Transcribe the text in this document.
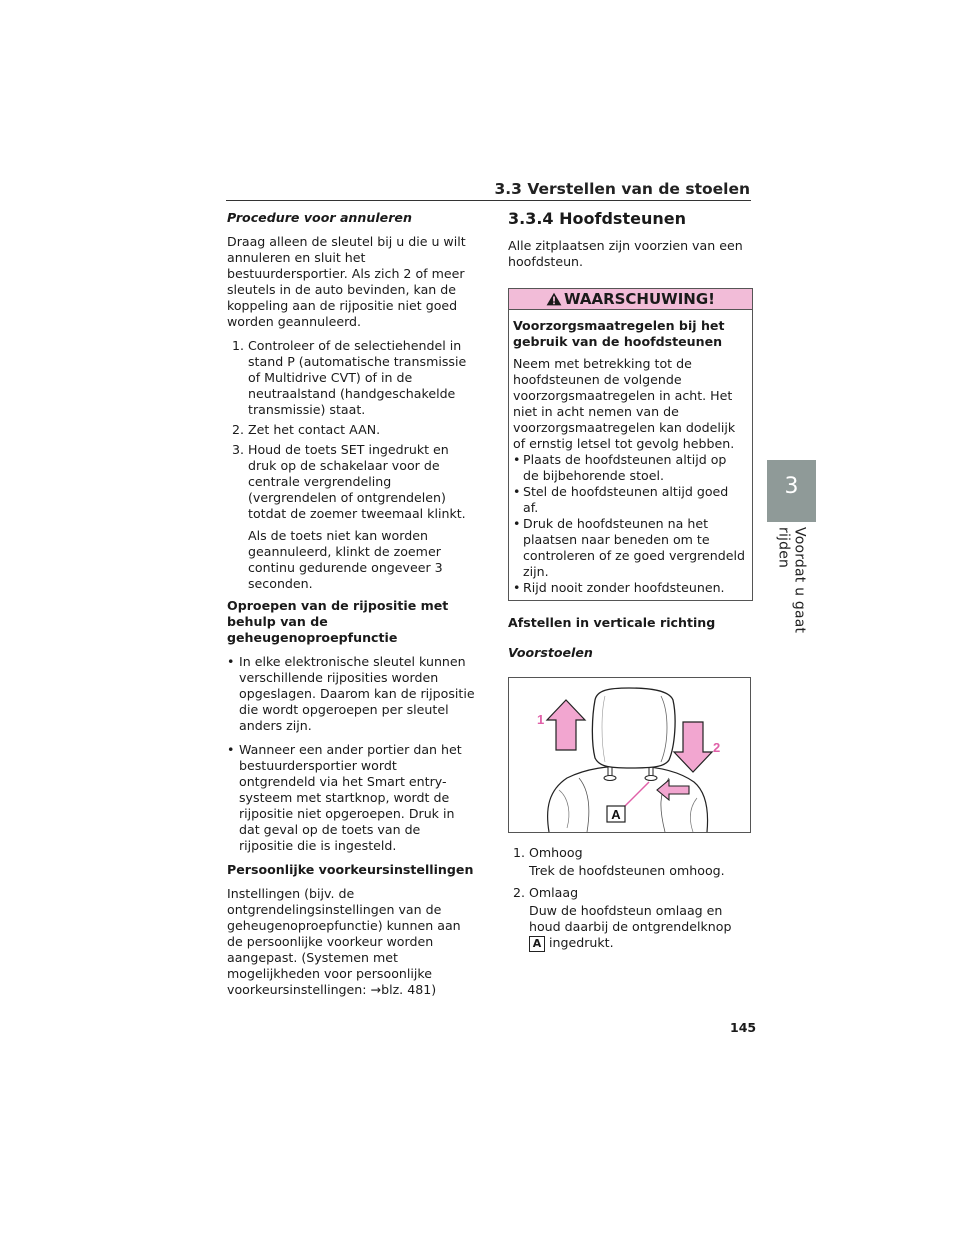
3.3 Verstellen van de stoelen
3
Voordat u gaat rijden

Procedure voor annuleren

Draag alleen de sleutel bij u die u wilt annuleren en sluit het bestuurdersportier. Als zich 2 of meer sleutels in de auto bevinden, kan de koppeling aan de rijpositie niet goed worden geannuleerd.

1. Controleer of de selectiehendel in stand P (automatische transmissie of Multidrive CVT) of in de neutraalstand (handgeschakelde transmissie) staat.
2. Zet het contact AAN.
3. Houd de toets SET ingedrukt en druk op de schakelaar voor de centrale vergrendeling (vergrendelen of ontgrendelen) totdat de zoemer tweemaal klinkt.

Als de toets niet kan worden geannuleerd, klinkt de zoemer continu gedurende ongeveer 3 seconden.

Oproepen van de rijpositie met behulp van de geheugenoproepfunctie

• In elke elektronische sleutel kunnen verschillende rijposities worden opgeslagen. Daarom kan de rijpositie die wordt opgeroepen per sleutel anders zijn.
• Wanneer een ander portier dan het bestuurdersportier wordt ontgrendeld via het Smart entry-systeem met startknop, wordt de rijpositie niet opgeroepen. Druk in dat geval op de toets van de rijpositie die is ingesteld.

Persoonlijke voorkeursinstellingen

Instellingen (bijv. de ontgrendelingsinstellingen van de geheugenoproepfunctie) kunnen aan de persoonlijke voorkeur worden aangepast. (Systemen met mogelijkheden voor persoonlijke voorkeursinstellingen: →blz. 481)

3.3.4 Hoofdsteunen

Alle zitplaatsen zijn voorzien van een hoofdsteun.

WAARSCHUWING!

Voorzorgsmaatregelen bij het gebruik van de hoofdsteunen

Neem met betrekking tot de hoofdsteunen de volgende voorzorgsmaatregelen in acht. Het niet in acht nemen van de voorzorgsmaatregelen kan dodelijk of ernstig letsel tot gevolg hebben.

• Plaats de hoofdsteunen altijd op de bijbehorende stoel.
• Stel de hoofdsteunen altijd goed af.
• Druk de hoofdsteunen na het plaatsen naar beneden om te controleren of ze goed vergrendeld zijn.
• Rijd nooit zonder hoofdsteunen.

Afstellen in verticale richting

Voorstoelen

1
2
A
1. Omhoog

Trek de hoofdsteunen omhoog.

2. Omlaag

Duw de hoofdsteun omlaag en houd daarbij de ontgrendelknop
A ingedrukt.

145
